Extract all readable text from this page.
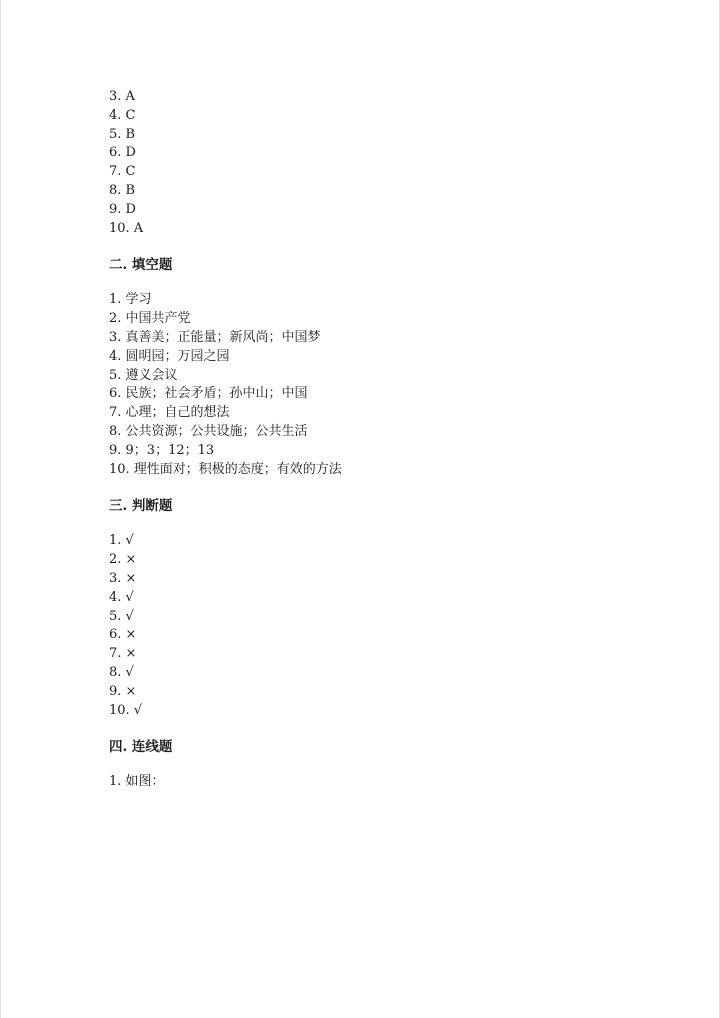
3. A
4. C
5. B
6. D
7. C
8. B
9. D
10. A
二. 填空题
1. 学习
2. 中国共产党
3. 真善美；正能量；新风尚；中国梦
4. 圆明园；万园之园
5. 遵义会议
6. 民族；社会矛盾；孙中山；中国
7. 心理；自己的想法
8. 公共资源；公共设施；公共生活
9. 9；3；12；13
10. 理性面对；积极的态度；有效的方法
三. 判断题
1. √
2. ×
3. ×
4. √
5. √
6. ×
7. ×
8. √
9. ×
10. √
四. 连线题
1. 如图：
